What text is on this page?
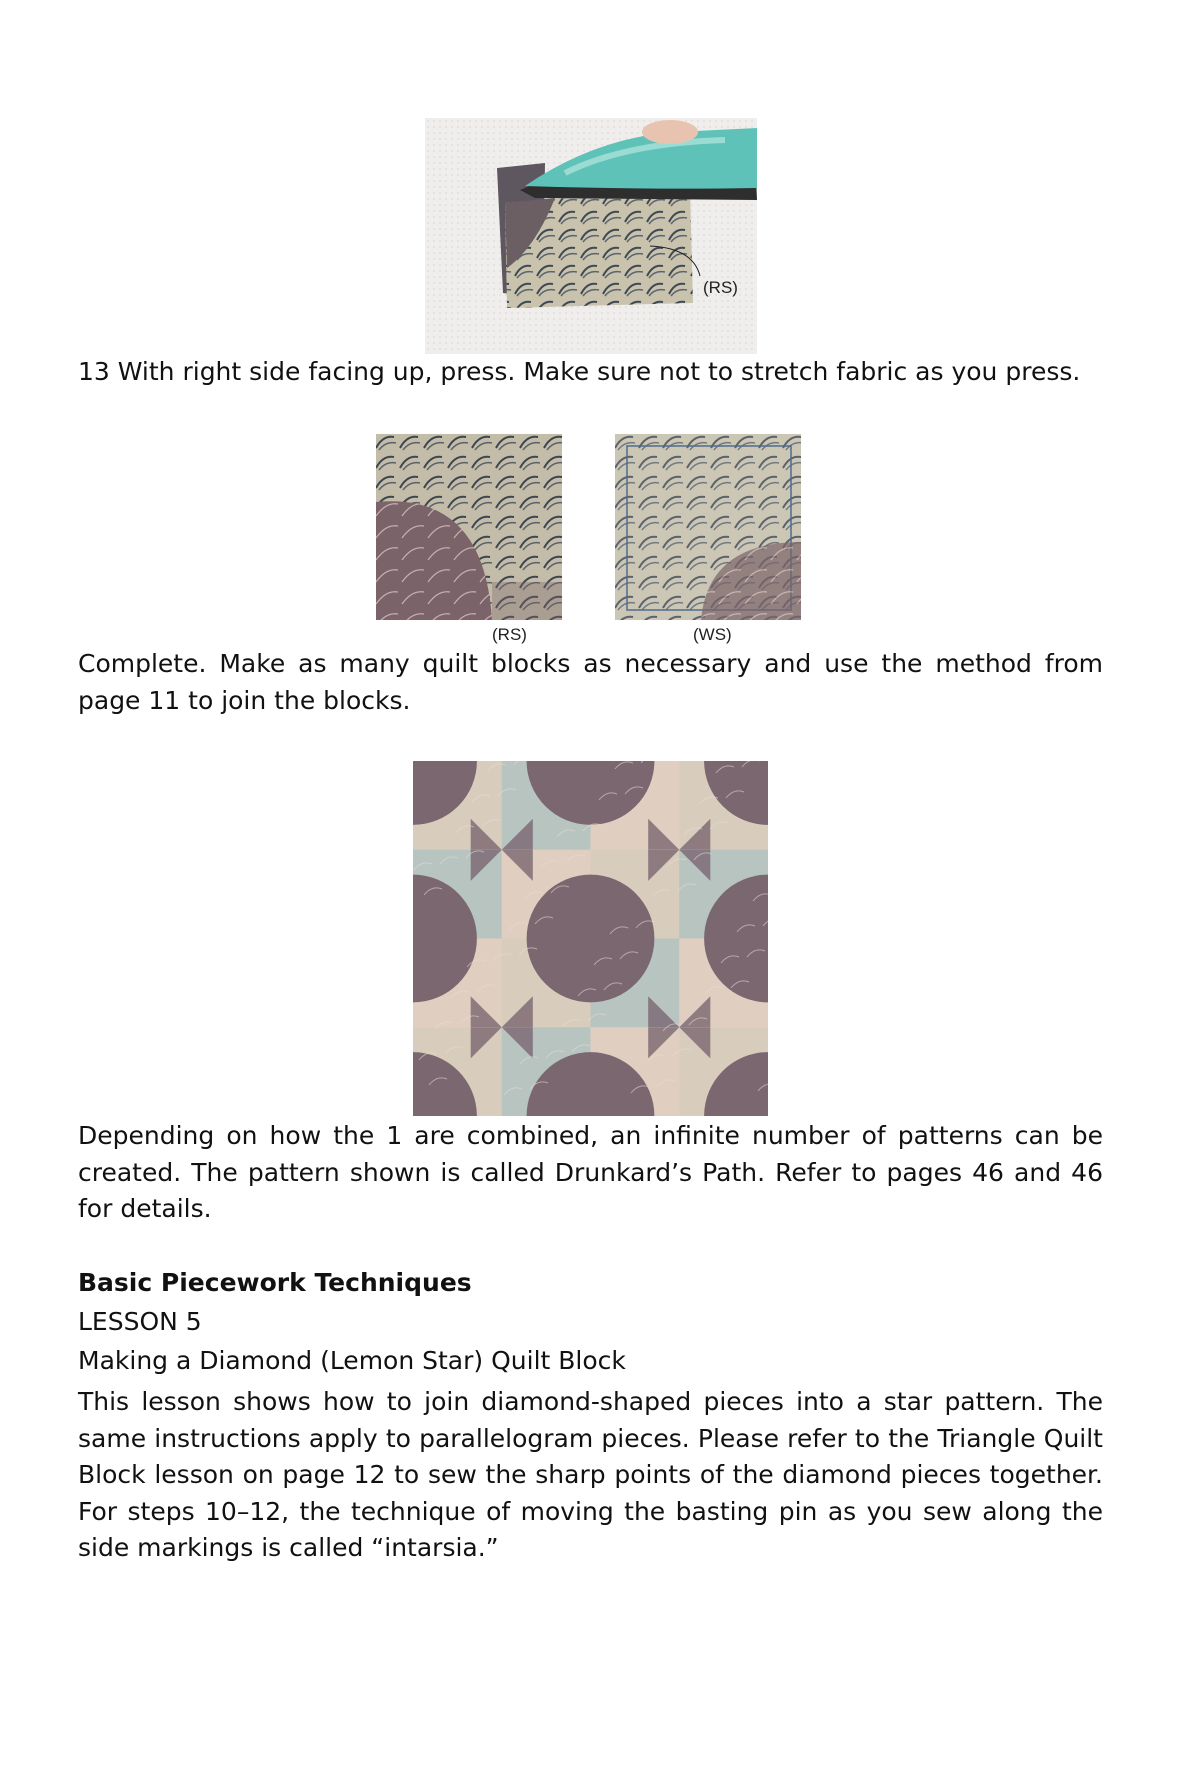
(RS)

13 With right side facing up, press. Make sure not to stretch fabric as you press.

(RS)	(WS)

Complete. Make as many quilt blocks as necessary and use the method from page 11 to join the blocks.

Depending on how the 1 are combined, an infinite number of patterns can be created. The pattern shown is called Drunkard’s Path. Refer to pages 46 and 46 for details.

Basic Piecework Techniques

LESSON 5

Making a Diamond (Lemon Star) Quilt Block

This lesson shows how to join diamond-shaped pieces into a star pattern. The same instructions apply to parallelogram pieces. Please refer to the Triangle Quilt Block lesson on page 12 to sew the sharp points of the diamond pieces together. For steps 10–12, the technique of moving the basting pin as you sew along the side markings is called “intarsia.”
